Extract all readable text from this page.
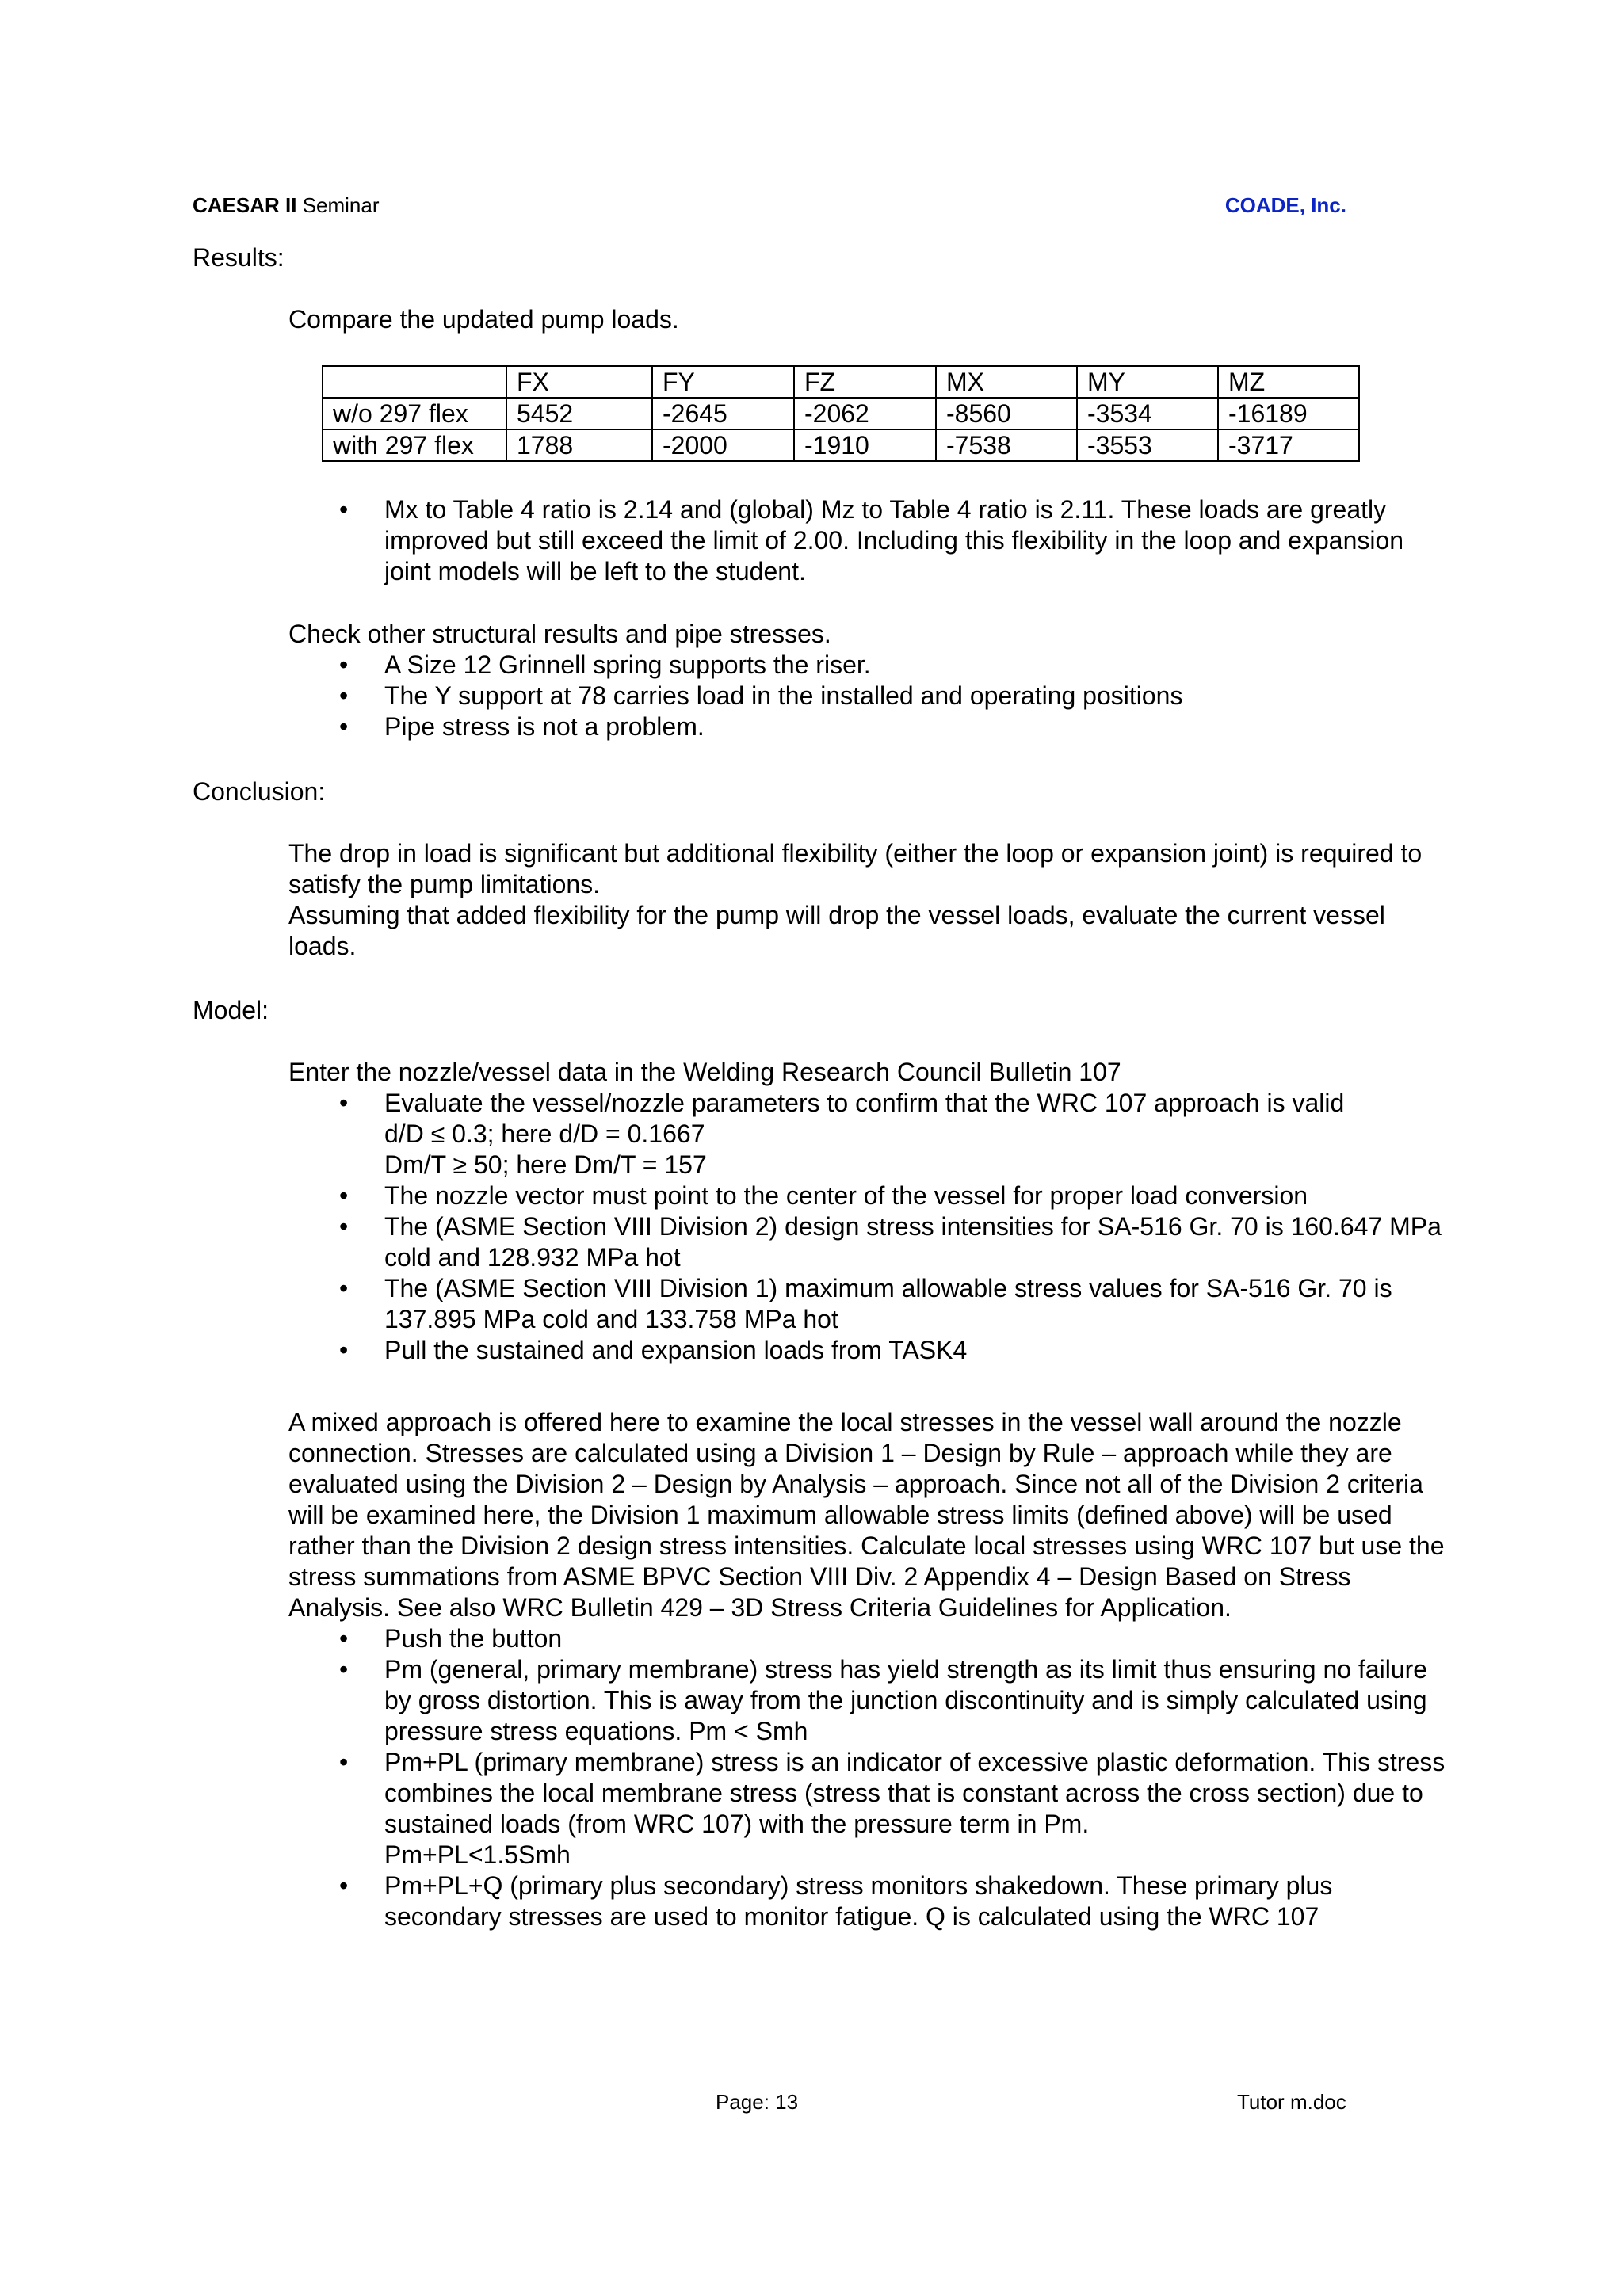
CAESAR II Seminar	COADE, Inc.
Results:
Compare the updated pump loads.
	FX	FY	FZ	MX	MY	MZ
w/o 297 flex	5452	-2645	-2062	-8560	-3534	-16189
with 297 flex	1788	-2000	-1910	-7538	-3553	-3717
• Mx to Table 4 ratio is 2.14 and (global) Mz to Table 4 ratio is 2.11. These loads are greatly improved but still exceed the limit of 2.00. Including this flexibility in the loop and expansion joint models will be left to the student.

Check other structural results and pipe stresses.

• A Size 12 Grinnell spring supports the riser.
• The Y support at 78 carries load in the installed and operating positions
• Pipe stress is not a problem.
Conclusion:

The drop in load is significant but additional flexibility (either the loop or expansion joint) is required to satisfy the pump limitations.

Assuming that added flexibility for the pump will drop the vessel loads, evaluate the current vessel loads.

Model:

Enter the nozzle/vessel data in the Welding Research Council Bulletin 107

• Evaluate the vessel/nozzle parameters to confirm that the WRC 107 approach is valid
d/D ≤ 0.3; here d/D = 0.1667
Dm/T ≥ 50; here Dm/T = 157
• The nozzle vector must point to the center of the vessel for proper load conversion
• The (ASME Section VIII Division 2) design stress intensities for SA-516 Gr. 70 is 160.647 MPa cold and 128.932 MPa hot
• The (ASME Section VIII Division 1) maximum allowable stress values for SA-516 Gr. 70 is 137.895 MPa cold and 133.758 MPa hot
• Pull the sustained and expansion loads from TASK4

A mixed approach is offered here to examine the local stresses in the vessel wall around the nozzle connection. Stresses are calculated using a Division 1 – Design by Rule – approach while they are evaluated using the Division 2 – Design by Analysis – approach. Since not all of the Division 2 criteria will be examined here, the Division 1 maximum allowable stress limits (defined above) will be used rather than the Division 2 design stress intensities. Calculate local stresses using WRC 107 but use the stress summations from ASME BPVC Section VIII Div. 2 Appendix 4 – Design Based on Stress Analysis. See also WRC Bulletin 429 – 3D Stress Criteria Guidelines for Application.

• Push the button
• Pm (general, primary membrane) stress has yield strength as its limit thus ensuring no failure by gross distortion. This is away from the junction discontinuity and is simply calculated using pressure stress equations. Pm < Smh
• Pm+PL (primary membrane) stress is an indicator of excessive plastic deformation. This stress combines the local membrane stress (stress that is constant across the cross section) due to sustained loads (from WRC 107) with the pressure term in Pm.
Pm+PL<1.5Smh
• Pm+PL+Q (primary plus secondary) stress monitors shakedown. These primary plus secondary stresses are used to monitor fatigue. Q is calculated using the WRC 107
Page: 13	Tutor m.doc
